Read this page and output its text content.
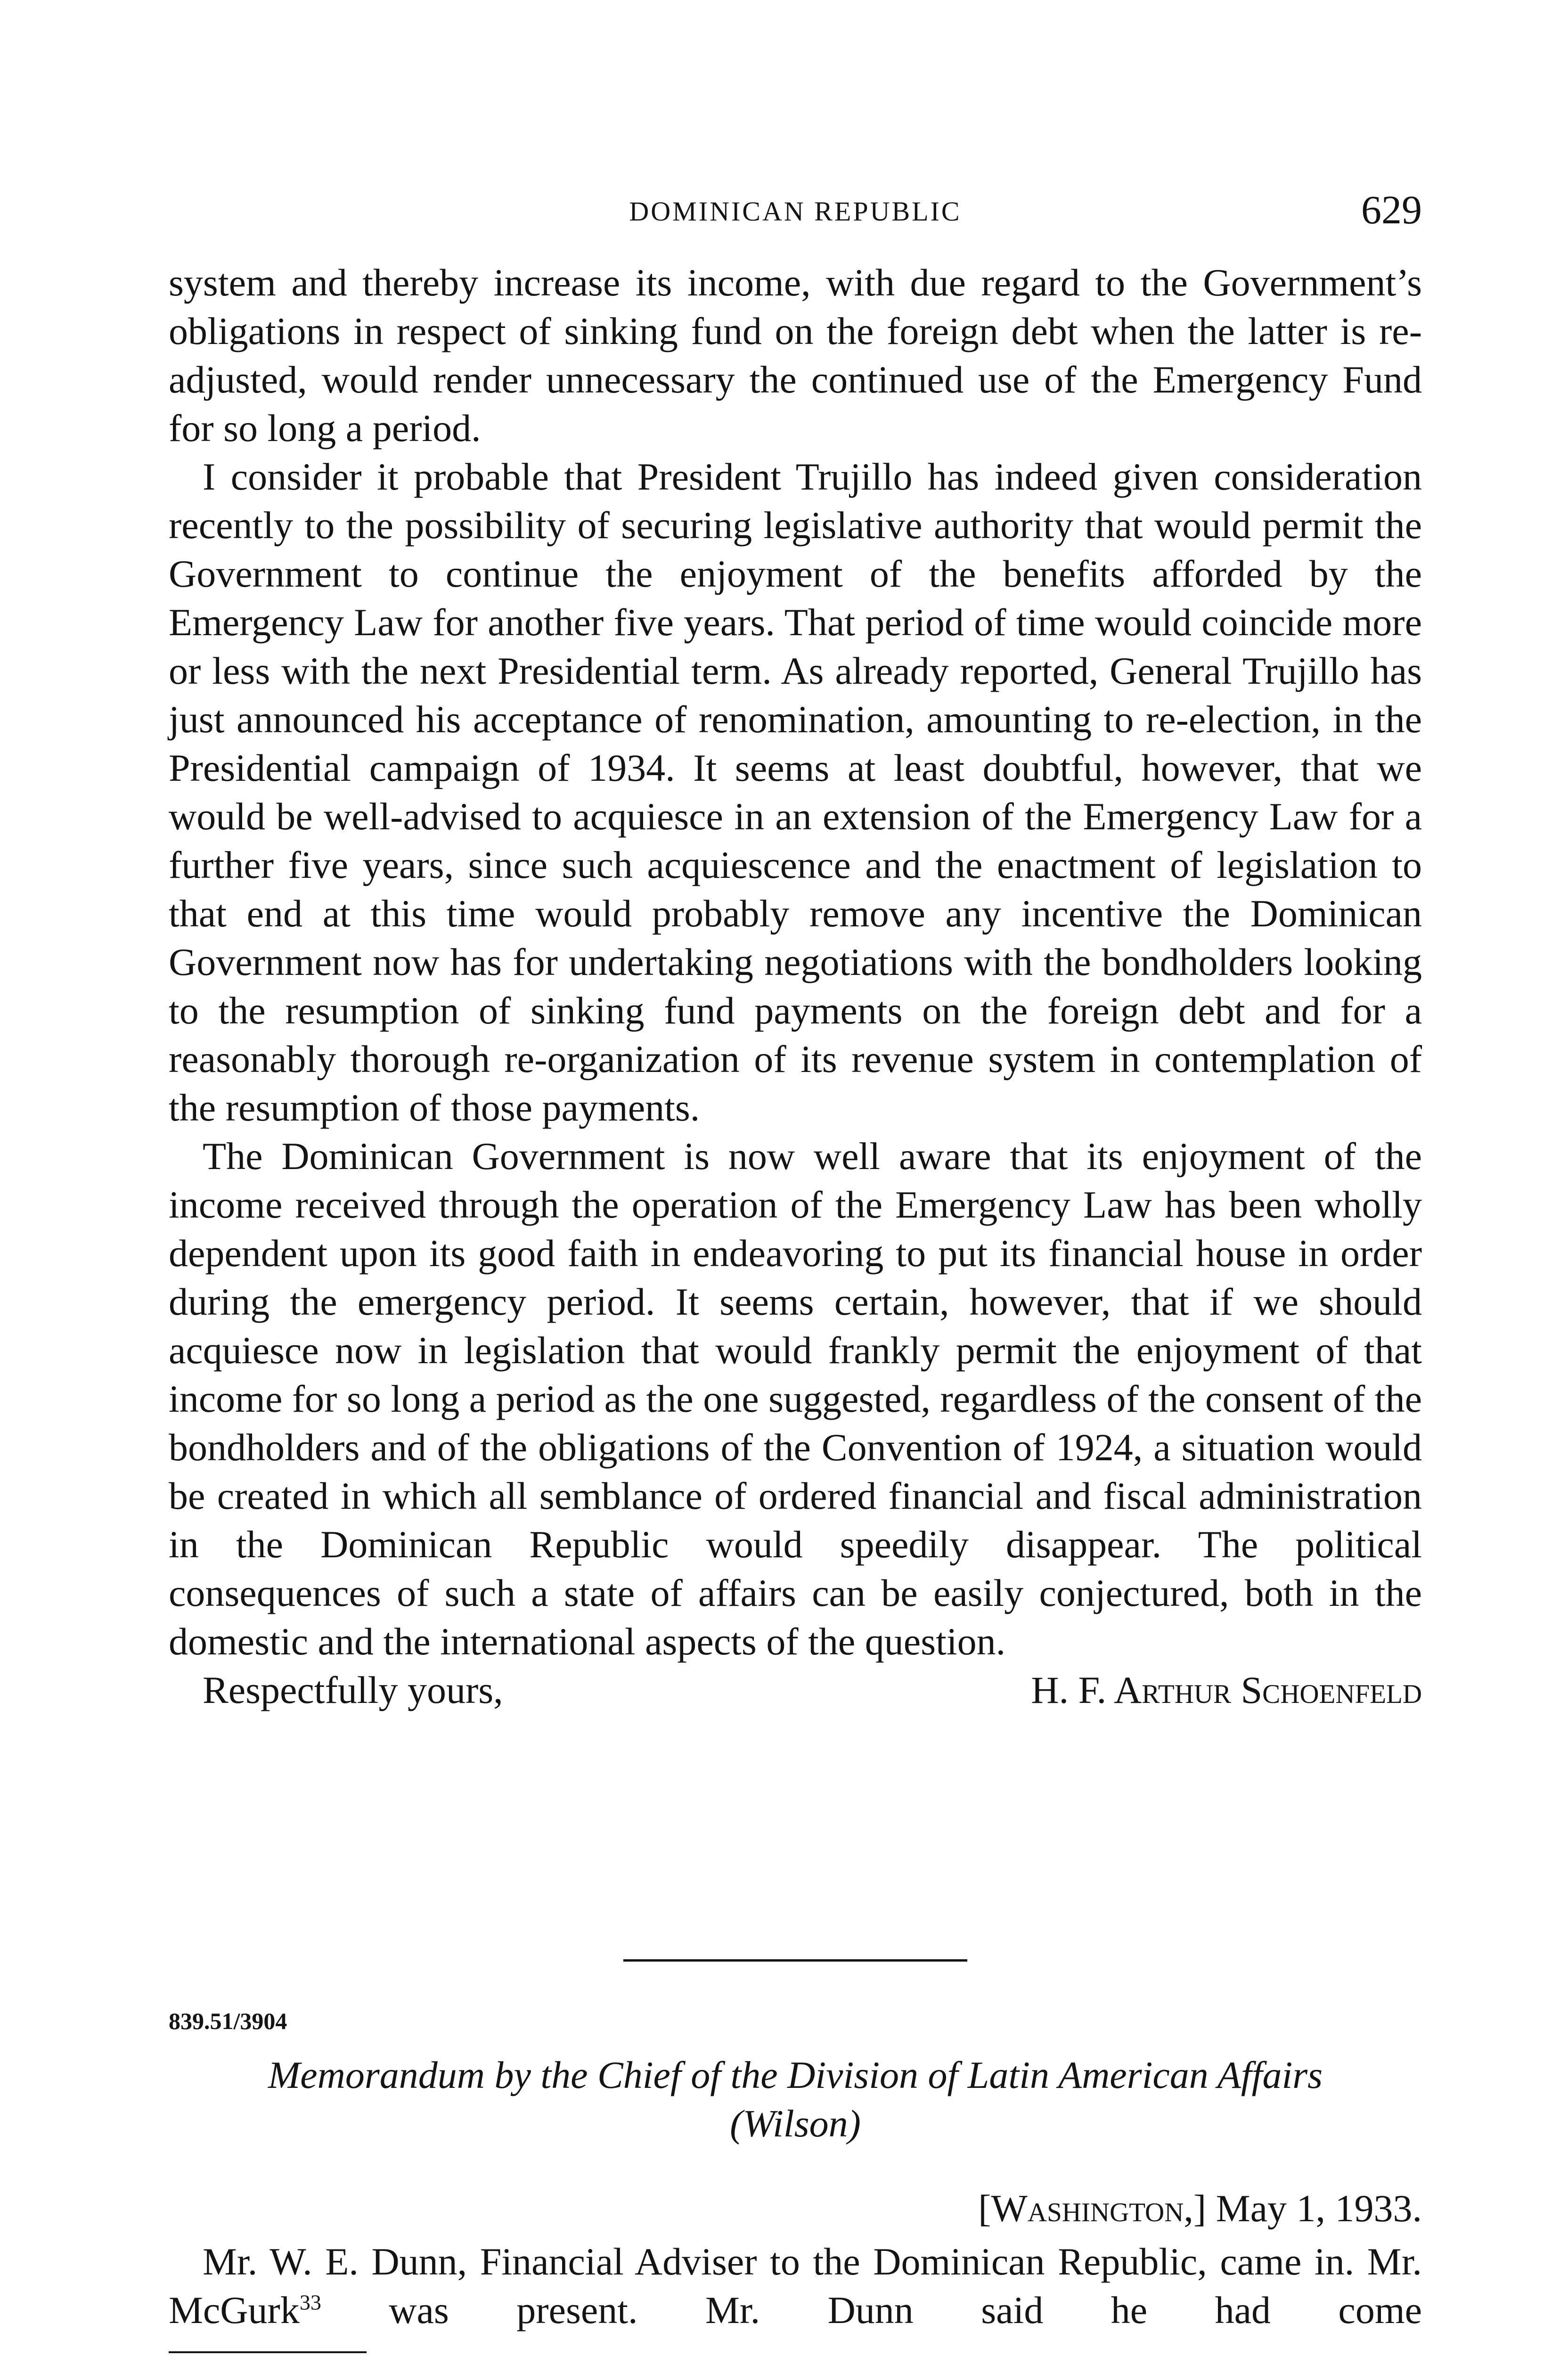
DOMINICAN REPUBLIC	629

system and thereby increase its income, with due regard to the Government’s obligations in respect of sinking fund on the foreign debt when the latter is re-adjusted, would render unnecessary the continued use of the Emergency Fund for so long a period.

I consider it probable that President Trujillo has indeed given consideration recently to the possibility of securing legislative authority that would permit the Government to continue the enjoyment of the benefits afforded by the Emergency Law for another five years. That period of time would coincide more or less with the next Presidential term. As already reported, General Trujillo has just announced his acceptance of renomination, amounting to re-election, in the Presidential campaign of 1934. It seems at least doubtful, however, that we would be well-advised to acquiesce in an extension of the Emergency Law for a further five years, since such acquiescence and the enactment of legislation to that end at this time would probably remove any incentive the Dominican Government now has for undertaking negotiations with the bondholders looking to the resumption of sinking fund payments on the foreign debt and for a reasonably thorough re-organization of its revenue system in contemplation of the resumption of those payments.

The Dominican Government is now well aware that its enjoyment of the income received through the operation of the Emergency Law has been wholly dependent upon its good faith in endeavoring to put its financial house in order during the emergency period. It seems certain, however, that if we should acquiesce now in legislation that would frankly permit the enjoyment of that income for so long a period as the one suggested, regardless of the consent of the bondholders and of the obligations of the Convention of 1924, a situation would be created in which all semblance of ordered financial and fiscal administration in the Dominican Republic would speedily disappear. The political consequences of such a state of affairs can be easily conjectured, both in the domestic and the international aspects of the question.

Respectfully yours,	H. F. Arthur Schoenfeld
839.51/3904
Memorandum by the Chief of the Division of Latin American Affairs
(Wilson)
[Washington,] May 1, 1933.

Mr. W. E. Dunn, Financial Adviser to the Dominican Republic, came in. Mr. McGurk$^{33}$ was present. Mr. Dunn said he had come
